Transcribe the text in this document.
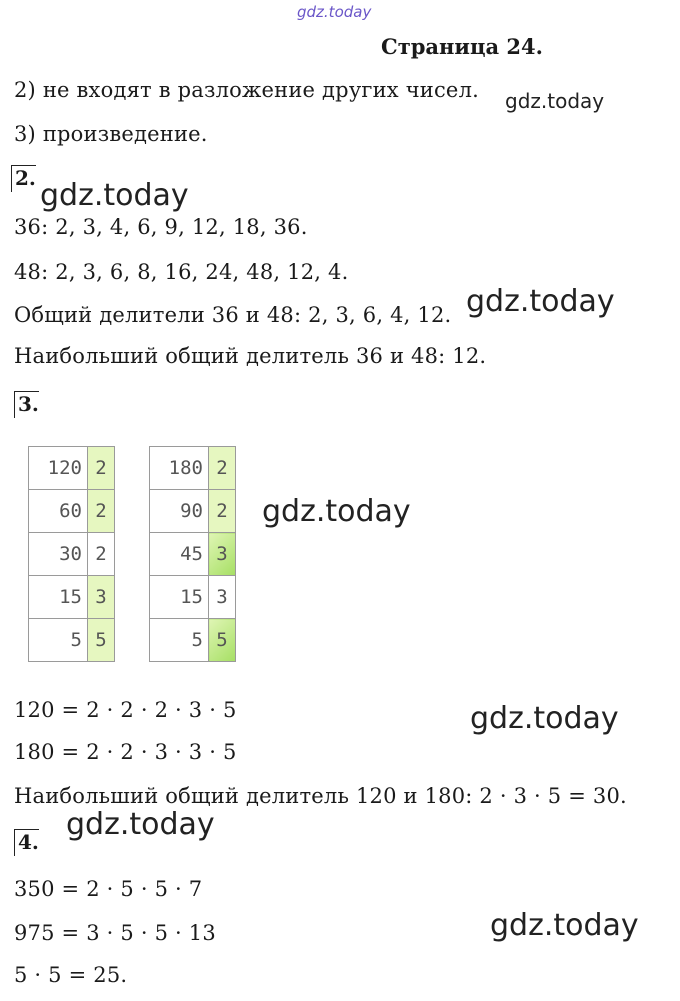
gdz.today
Страница 24.
2) не входят в разложение других чисел. gdz.today
3) произведение.
2. gdz.today
36: 2, 3, 4, 6, 9, 12, 18, 36.
48: 2, 3, 6, 8, 16, 24, 48, 12, 4.
Общий делители 36 и 48: 2, 3, 6, 4, 12. gdz.today
Наибольший общий делитель 36 и 48: 12.
3.
120	2
60	2
30	2
15	3
5	5
180	2
90	2
45	3
15	3
5	5
gdz.today
120 = 2 · 2 · 2 · 3 · 5	gdz.today
180 = 2 · 2 · 3 · 3 · 5
Наибольший общий делитель 120 и 180: 2 · 3 · 5 = 30.
4. gdz.today
350 = 2 · 5 · 5 · 7
975 = 3 · 5 · 5 · 13	gdz.today
5 · 5 = 25.
